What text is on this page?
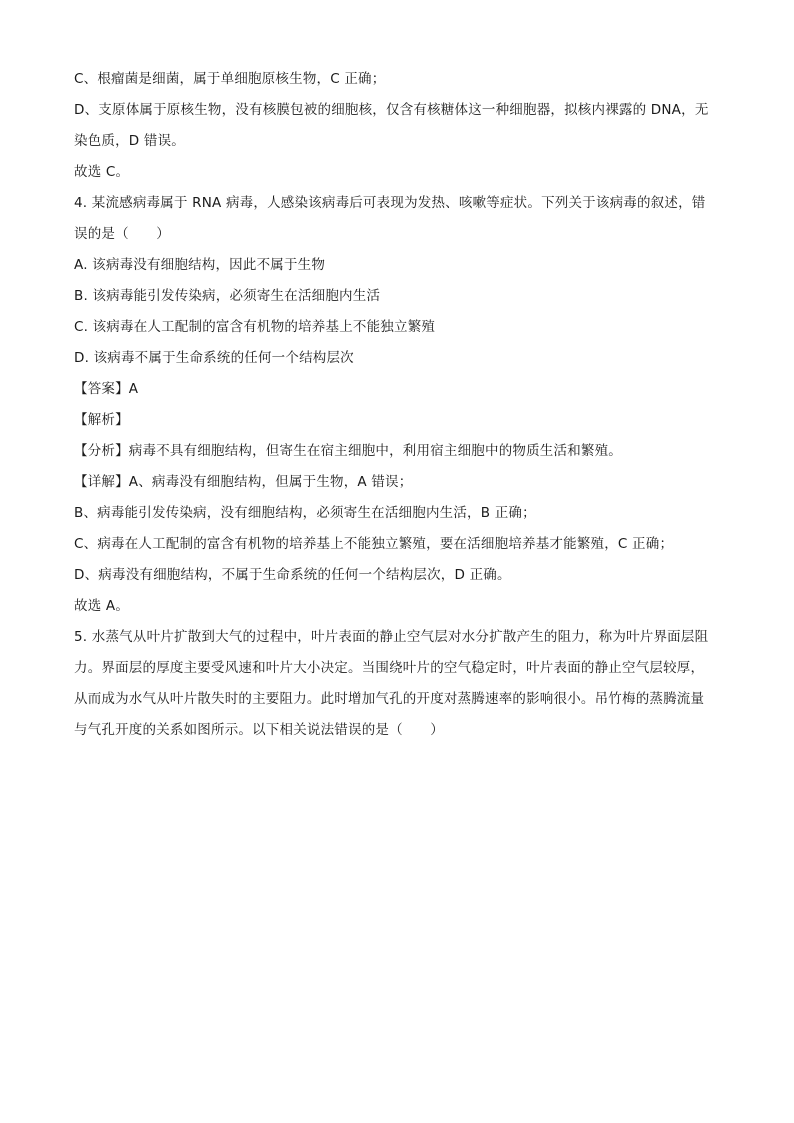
C、根瘤菌是细菌，属于单细胞原核生物，C 正确；
D、支原体属于原核生物，没有核膜包被的细胞核，仅含有核糖体这一种细胞器，拟核内裸露的 DNA，无
染色质，D 错误。
故选 C。
4. 某流感病毒属于 RNA 病毒，人感染该病毒后可表现为发热、咳嗽等症状。下列关于该病毒的叙述，错
误的是（　　）
A. 该病毒没有细胞结构，因此不属于生物
B. 该病毒能引发传染病，必须寄生在活细胞内生活
C. 该病毒在人工配制的富含有机物的培养基上不能独立繁殖
D. 该病毒不属于生命系统的任何一个结构层次
【答案】A
【解析】
【分析】病毒不具有细胞结构，但寄生在宿主细胞中，利用宿主细胞中的物质生活和繁殖。
【详解】A、病毒没有细胞结构，但属于生物，A 错误；
B、病毒能引发传染病，没有细胞结构，必须寄生在活细胞内生活，B 正确；
C、病毒在人工配制的富含有机物的培养基上不能独立繁殖，要在活细胞培养基才能繁殖，C 正确；
D、病毒没有细胞结构，不属于生命系统的任何一个结构层次，D 正确。
故选 A。
5. 水蒸气从叶片扩散到大气的过程中，叶片表面的静止空气层对水分扩散产生的阻力，称为叶片界面层阻
力。界面层的厚度主要受风速和叶片大小决定。当围绕叶片的空气稳定时，叶片表面的静止空气层较厚，
从而成为水气从叶片散失时的主要阻力。此时增加气孔的开度对蒸腾速率的影响很小。吊竹梅的蒸腾流量
与气孔开度的关系如图所示。以下相关说法错误的是（　　）
